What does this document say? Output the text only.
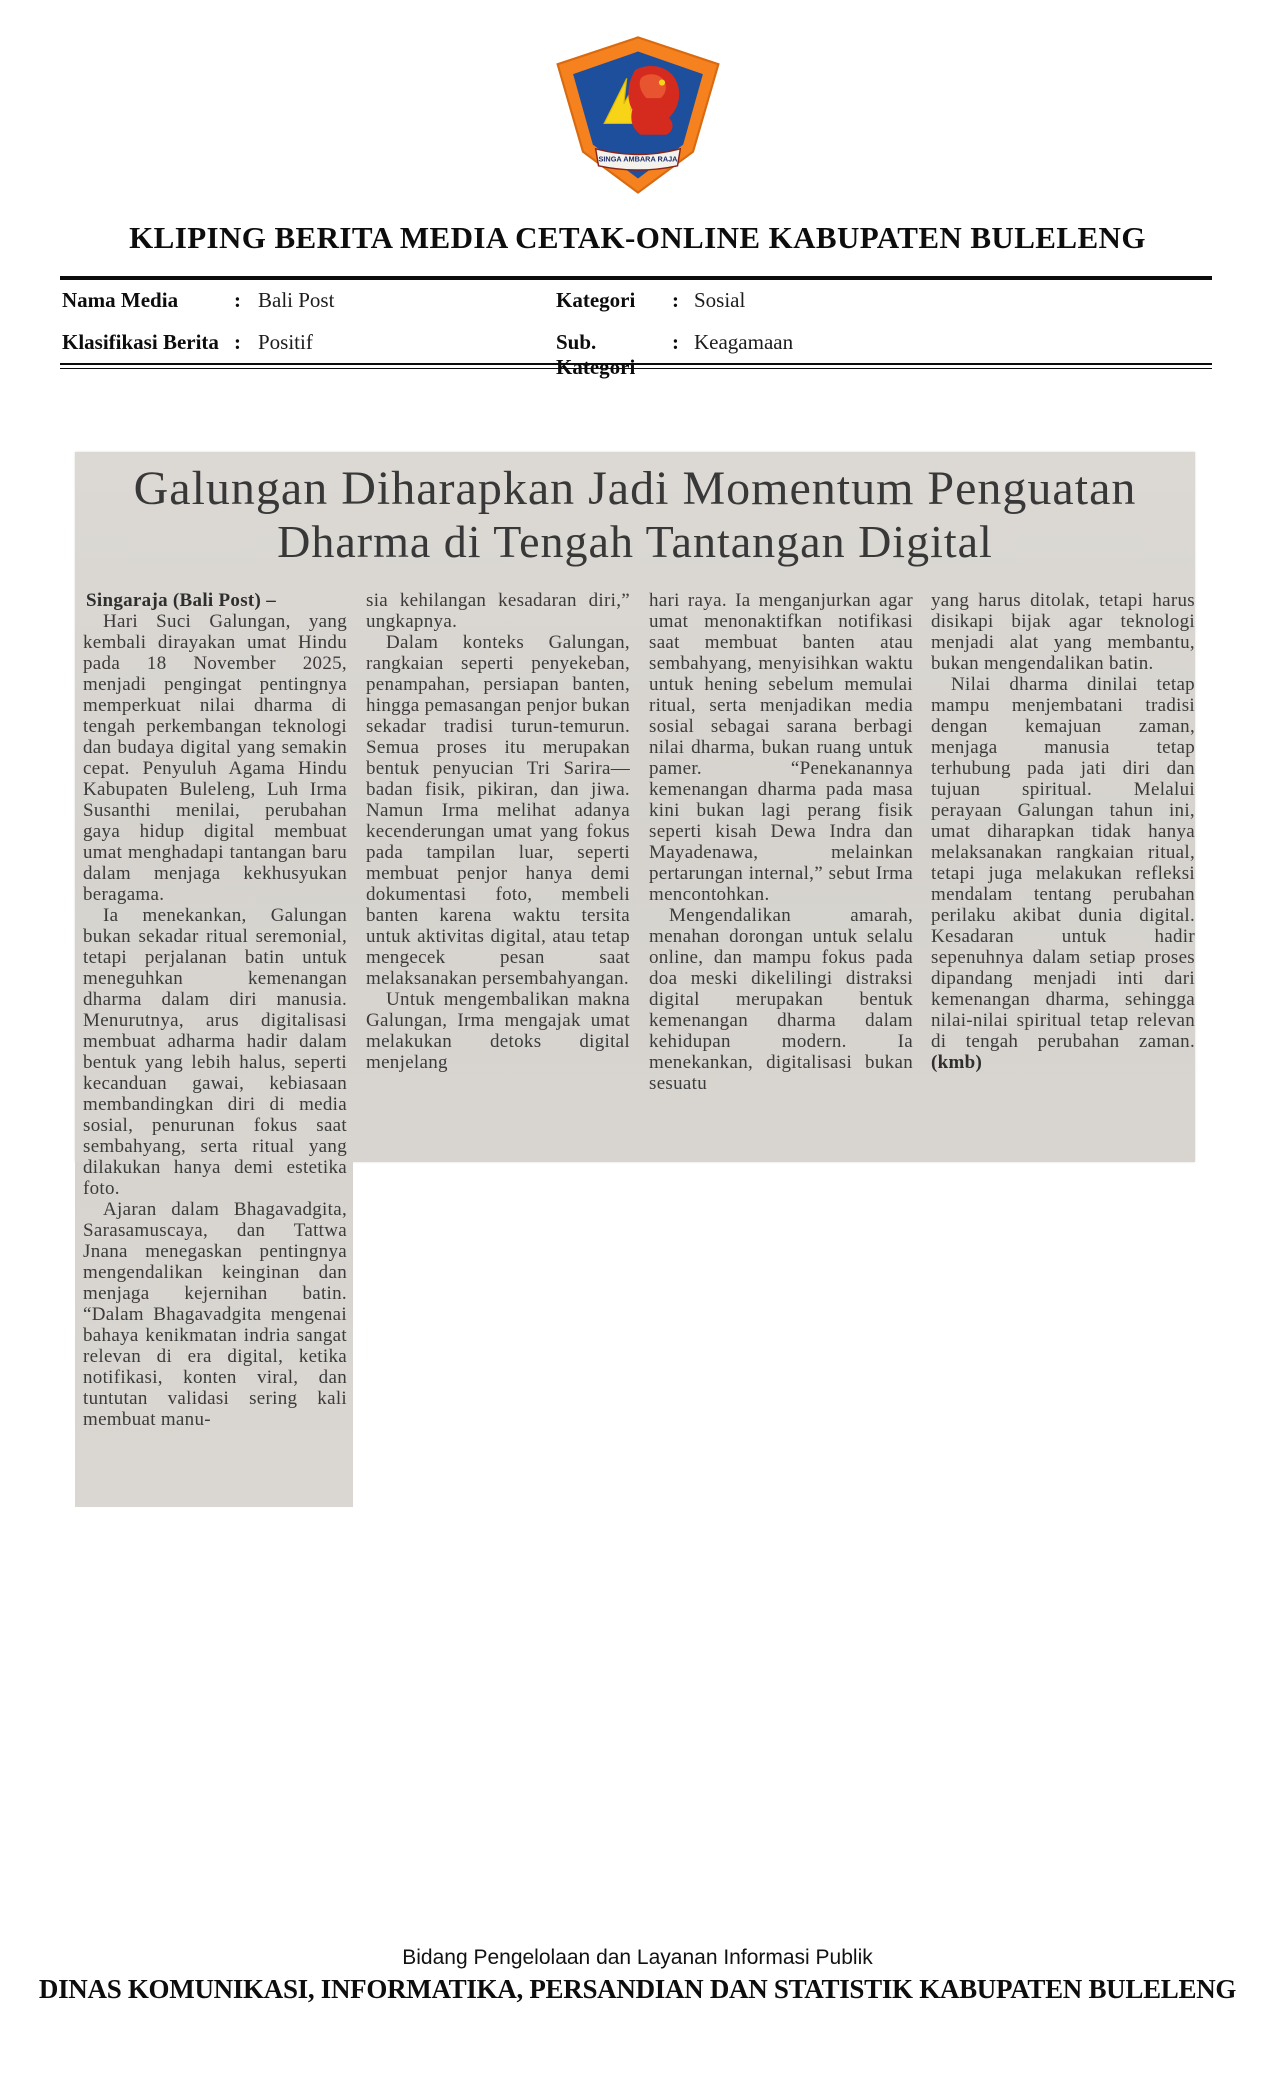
SINGA AMBARA RAJA
KLIPING BERITA MEDIA CETAK-ONLINE KABUPATEN BULELENG
Nama Media	: Bali Post
Klasifikasi Berita : Positif
Kategori	: Sosial
Sub. Kategori
: Keagamaan
Galungan Diharapkan Jadi Momentum Penguatan
Dharma di Tengah Tantangan Digital

Singaraja (Bali Post) –

Hari Suci Galungan, yang kembali dirayakan umat Hindu pada 18 November 2025, menjadi pengingat pentingnya memperkuat nilai dharma di tengah perkembangan teknologi dan budaya digital yang semakin cepat. Penyuluh Agama Hindu Kabupaten Buleleng, Luh Irma Susanthi menilai, perubahan gaya hidup digital membuat umat menghadapi tantangan baru dalam menjaga kekhusyukan beragama.

Ia menekankan, Galungan bukan sekadar ritual seremonial, tetapi perjalanan batin untuk meneguhkan kemenangan dharma dalam diri manusia. Menurutnya, arus digitalisasi membuat adharma hadir dalam bentuk yang lebih halus, seperti kecanduan gawai, kebiasaan membandingkan diri di media sosial, penurunan fokus saat sembahyang, serta ritual yang dilakukan hanya demi estetika foto.

Ajaran dalam Bhagavadgita, Sarasamuscaya, dan Tattwa Jnana menegaskan pentingnya mengendalikan keinginan dan menjaga kejernihan batin. “Dalam Bhagavadgita mengenai bahaya kenikmatan indria sangat relevan di era digital, ketika notifikasi, konten viral, dan tuntutan validasi sering kali membuat manu-

sia kehilangan kesadaran diri,” ungkapnya.

Dalam konteks Galungan, rangkaian seperti penyekeban, penampahan, persiapan banten, hingga pemasangan penjor bukan sekadar tradisi turun-temurun. Semua proses itu merupakan bentuk penyucian Tri Sarira—badan fisik, pikiran, dan jiwa. Namun Irma melihat adanya kecenderungan umat yang fokus pada tampilan luar, seperti membuat penjor hanya demi dokumentasi foto, membeli banten karena waktu tersita untuk aktivitas digital, atau tetap mengecek pesan saat melaksanakan persembahyangan.

Untuk mengembalikan makna Galungan, Irma mengajak umat melakukan detoks digital menjelang

hari raya. Ia menganjurkan agar umat menonaktifkan notifikasi saat membuat banten atau sembahyang, menyisihkan waktu untuk hening sebelum memulai ritual, serta menjadikan media sosial sebagai sarana berbagi nilai dharma, bukan ruang untuk pamer. “Penekanannya kemenangan dharma pada masa kini bukan lagi perang fisik seperti kisah Dewa Indra dan Mayadenawa, melainkan pertarungan internal,” sebut Irma mencontohkan.

Mengendalikan amarah, menahan dorongan untuk selalu online, dan mampu fokus pada doa meski dikelilingi distraksi digital merupakan bentuk kemenangan dharma dalam kehidupan modern. Ia menekankan, digitalisasi bukan sesuatu

yang harus ditolak, tetapi harus disikapi bijak agar teknologi menjadi alat yang membantu, bukan mengendalikan batin.

Nilai dharma dinilai tetap mampu menjembatani tradisi dengan kemajuan zaman, menjaga manusia tetap terhubung pada jati diri dan tujuan spiritual. Melalui perayaan Galungan tahun ini, umat diharapkan tidak hanya melaksanakan rangkaian ritual, tetapi juga melakukan refleksi mendalam tentang perubahan perilaku akibat dunia digital. Kesadaran untuk hadir sepenuhnya dalam setiap proses dipandang menjadi inti dari kemenangan dharma, sehingga nilai-nilai spiritual tetap relevan di tengah perubahan zaman. (kmb)

Bidang Pengelolaan dan Layanan Informasi Publik
DINAS KOMUNIKASI, INFORMATIKA, PERSANDIAN DAN STATISTIK KABUPATEN BULELENG
